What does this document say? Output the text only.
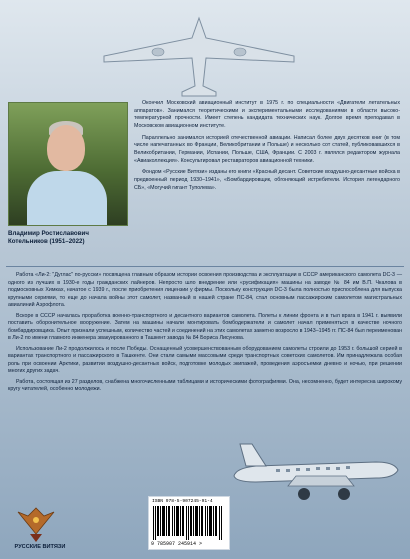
Окончил Московский авиационный институт в 1975 г. по специальности «Двигатели летательных аппаратов». Занимался теоретическими и экспериментальными исследованиями в области высоко-температурной прочности. Имеет степень кандидата технических наук. Долгое время преподавал в Московском авиационном институте.

Параллельно занимался историей отечественной авиации. Написал более двух десятков книг (в том числе напечатанных во Франции, Великобритании и Польше) и несколько сот статей, публиковавшихся в Великобритании, Германии, Испании, Польше, США, Франции. С 2003 г. являлся редактором журнала «Авиаколлекция». Консультировал реставраторов авиационной техники.

Фондом «Русские Витязи» изданы его книги «Красный десант. Советские воздушно-десантные войска в предвоенный период 1930–1941», «Бомбардировщик, обгоняющий истребители. История легендарного СБ», «Могучий гигант Туполева».

Владимир Ростиславович
Котельников (1951–2022)

Работа «Ли-2: "Дуглас" по-русски» посвящена главным образом истории освоения производства и эксплуатации в СССР американского самолета DC-3 — одного из лучших в 1930-е годы гражданских лайнеров. Непросто шло внедрение или «русификация» машины на заводе № 84 им В.П. Чкалова в подмосковных Химках, начатое с 1939 г., после приобретения лицензии у фирмы. Поскольку конструкция DC-3 была полностью приспособлена для выпуска крупными сериями, то еще до начала войны этот самолет, названный в нашей стране ПС-84, стал основным пассажирским самолетом магистральных авиалиний Аэрофлота.

Вскоре в СССР началась проработка военно-транспортного и десантного вариантов самолета. Полеты к линии фронта и в тыл врага в 1941 г. выявили поставить оборонительное вооружение. Затем на машины начали монтировать бомбодержатели и самолет начал применяться в качестве ночного бомбардировщика. Опыт признали успешным, количество частей и соединений на этих самолетах заметно возросло в 1943–1945 гг. ПС-84 был переименован в Ли-2 по имени главного инженера эвакуированного в Ташкент завода № 84 Бориса Лисунова.

Использование Ли-2 продолжилось и после Победы. Оснащенный усовершенствованным оборудованием самолеты строили до 1953 г. большой серией в вариантах транспортного и пассажирского в Ташкенте. Они стали самыми массовыми среди транспортных советских самолетов. Им принадлежала особая роль при освоении Арктики, развитии воздушно-десантных войск, подготовке молодых экипажей, проведения аэросъемки дневно и ночью, при решении многих других задач.

Работа, состоящая из 27 разделов, снабжена многочисленными таблицами и историческими фотографиями. Она, несомненно, будет интересна широкому кругу читателей, особенно молодежи.

ISBN 978-5-907245-91-4
9 785907 245914 >
РУССКИЕ ВИТЯЗИ
